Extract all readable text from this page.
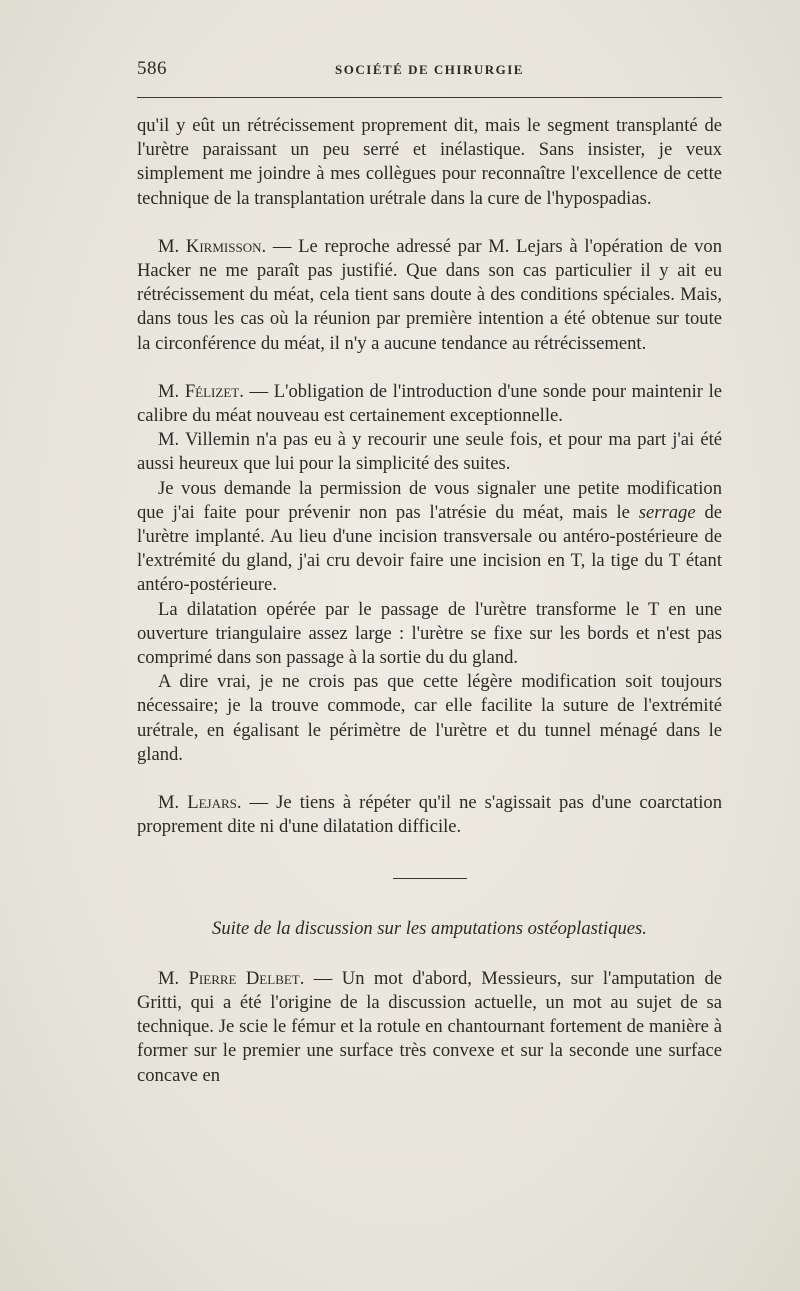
586	SOCIÉTÉ DE CHIRURGIE

qu'il y eût un rétrécissement proprement dit, mais le segment transplanté de l'urètre paraissant un peu serré et inélastique. Sans insister, je veux simplement me joindre à mes collègues pour reconnaître l'excellence de cette technique de la transplantation urétrale dans la cure de l'hypospadias.

M. Kirmisson. — Le reproche adressé par M. Lejars à l'opération de von Hacker ne me paraît pas justifié. Que dans son cas particulier il y ait eu rétrécissement du méat, cela tient sans doute à des conditions spéciales. Mais, dans tous les cas où la réunion par première intention a été obtenue sur toute la circonférence du méat, il n'y a aucune tendance au rétrécissement.

M. Félizet. — L'obligation de l'introduction d'une sonde pour maintenir le calibre du méat nouveau est certainement exceptionnelle.

M. Villemin n'a pas eu à y recourir une seule fois, et pour ma part j'ai été aussi heureux que lui pour la simplicité des suites.

Je vous demande la permission de vous signaler une petite modification que j'ai faite pour prévenir non pas l'atrésie du méat, mais le serrage de l'urètre implanté. Au lieu d'une incision transversale ou antéro-postérieure de l'extrémité du gland, j'ai cru devoir faire une incision en T, la tige du T étant antéro-postérieure.

La dilatation opérée par le passage de l'urètre transforme le T en une ouverture triangulaire assez large : l'urètre se fixe sur les bords et n'est pas comprimé dans son passage à la sortie du du gland.

A dire vrai, je ne crois pas que cette légère modification soit toujours nécessaire; je la trouve commode, car elle facilite la suture de l'extrémité urétrale, en égalisant le périmètre de l'urètre et du tunnel ménagé dans le gland.

M. Lejars. — Je tiens à répéter qu'il ne s'agissait pas d'une coarctation proprement dite ni d'une dilatation difficile.

Suite de la discussion sur les amputations ostéoplastiques.

M. Pierre Delbet. — Un mot d'abord, Messieurs, sur l'amputation de Gritti, qui a été l'origine de la discussion actuelle, un mot au sujet de sa technique. Je scie le fémur et la rotule en chantournant fortement de manière à former sur le premier une surface très convexe et sur la seconde une surface concave en
